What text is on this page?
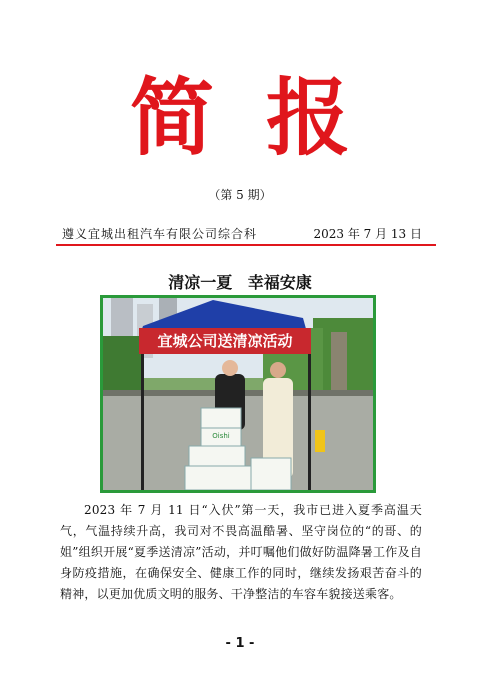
简报
（第 5 期）
遵义宜城出租汽车有限公司综合科	2023 年 7 月 13 日
清凉一夏 幸福安康
宜城公司送清凉活动
Oishi

2023 年 7 月 11 日“入伏”第一天，我市已进入夏季高温天气，气温持续升高，我司对不畏高温酷暑、坚守岗位的“的哥、的姐”组织开展“夏季送清凉”活动，并叮嘱他们做好防温降暑工作及自身防疫措施，在确保安全、健康工作的同时，继续发扬艰苦奋斗的精神，以更加优质文明的服务、干净整洁的车容车貌接送乘客。

- 1 -
